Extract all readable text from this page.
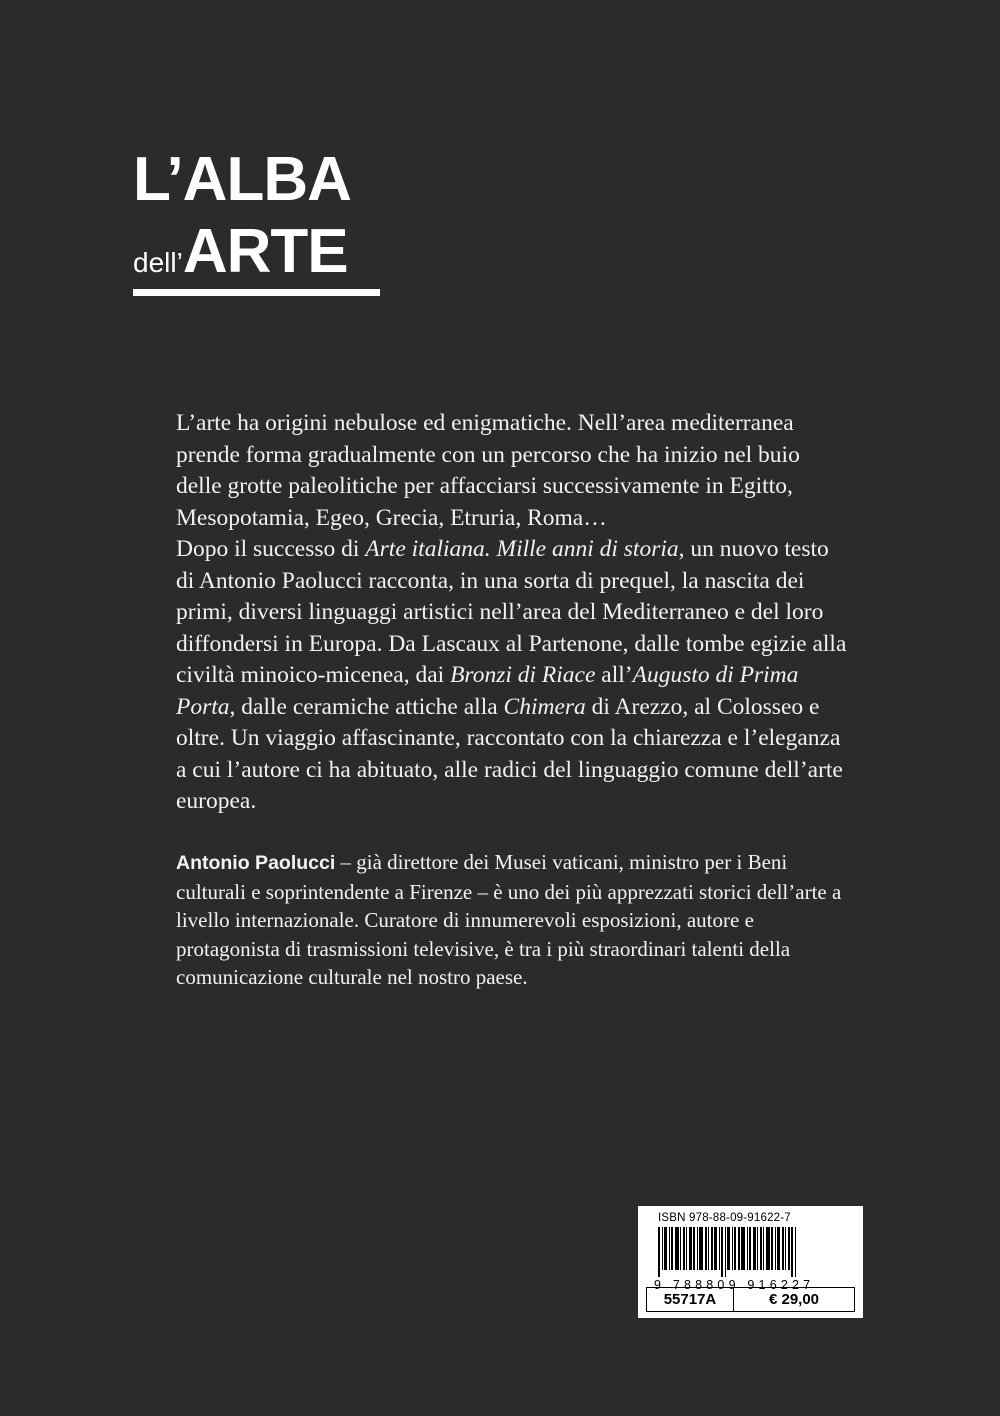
L’ALBA
dell’ARTE

L’arte ha origini nebulose ed enigmatiche. Nell’area mediterranea prende forma gradualmente con un percorso che ha inizio nel buio delle grotte paleolitiche per affacciarsi successivamente in Egitto, Mesopotamia, Egeo, Grecia, Etruria, Roma…

Dopo il successo di Arte italiana. Mille anni di storia, un nuovo testo di Antonio Paolucci racconta, in una sorta di prequel, la nascita dei primi, diversi linguaggi artistici nell’area del Mediterraneo e del loro diffondersi in Europa. Da Lascaux al Partenone, dalle tombe egizie alla civiltà minoico-micenea, dai Bronzi di Riace all’Augusto di Prima Porta, dalle ceramiche attiche alla Chimera di Arezzo, al Colosseo e oltre. Un viaggio affascinante, raccontato con la chiarezza e l’eleganza a cui l’autore ci ha abituato, alle radici del linguaggio comune dell’arte europea.

Antonio Paolucci – già direttore dei Musei vaticani, ministro per i Beni culturali e soprintendente a Firenze – è uno dei più apprezzati storici dell’arte a livello internazionale. Curatore di innumerevoli esposizioni, autore e protagonista di trasmissioni televisive, è tra i più straordinari talenti della comunicazione culturale nel nostro paese.

ISBN 978-88-09-91622-7
9 788809 916227
55717A	€ 29,00
